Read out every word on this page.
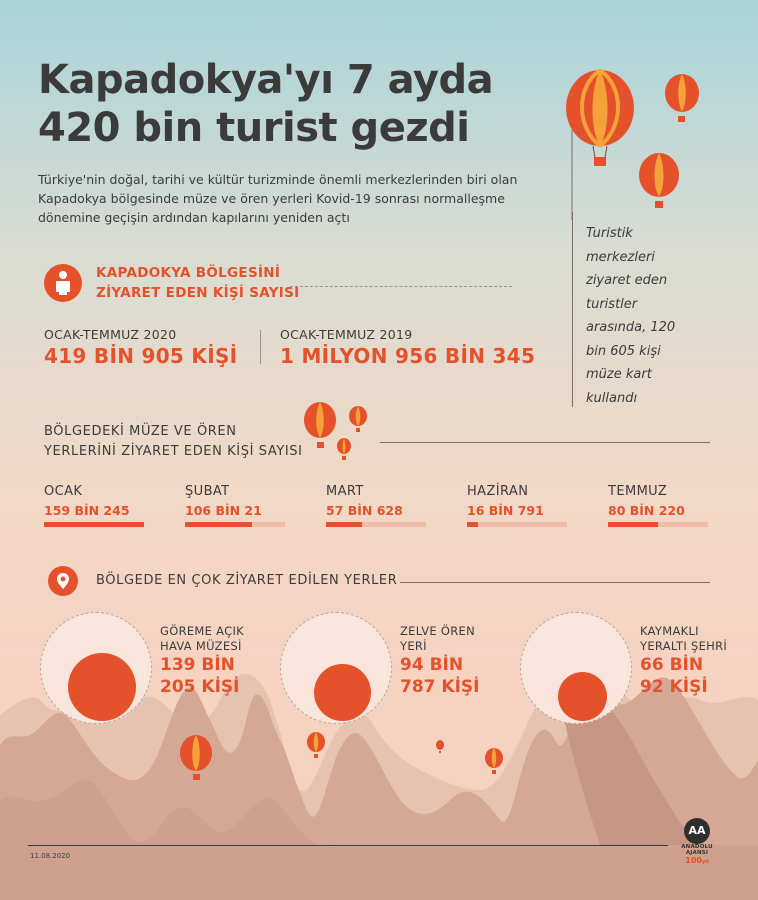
Kapadokya'yı 7 ayda
420 bin turist gezdi
Türkiye'nin doğal, tarihi ve kültür turizminde önemli merkezlerinden biri olan Kapadokya bölgesinde müze ve ören yerleri Kovid-19 sonrası normalleşme dönemine geçişin ardından kapılarını yeniden açtı
Turistik merkezleri ziyaret eden turistler arasında, 120 bin 605 kişi müze kart kullandı
KAPADOKYA BÖLGESİNİ
ZİYARET EDEN KİŞİ SAYISI
OCAK-TEMMUZ 2020
419 BİN 905 KİŞİ
OCAK-TEMMUZ 2019
1 MİLYON 956 BİN 345
BÖLGEDEKİ MÜZE VE ÖREN
YERLERİNİ ZİYARET EDEN KİŞİ SAYISI
OCAK
159 BİN 245
ŞUBAT
106 BİN 21
MART
57 BİN 628
HAZİRAN
16 BİN 791
TEMMUZ
80 BİN 220
BÖLGEDE EN ÇOK ZİYARET EDİLEN YERLER
GÖREME AÇIK
HAVA MÜZESİ
139 BİN
205 KİŞİ
ZELVE ÖREN
YERİ
94 BİN
787 KİŞİ
KAYMAKLI
YERALTI ŞEHRİ
66 BİN
92 KİŞİ
11.08.2020
AA
ANADOLU AJANSI
100yıl
